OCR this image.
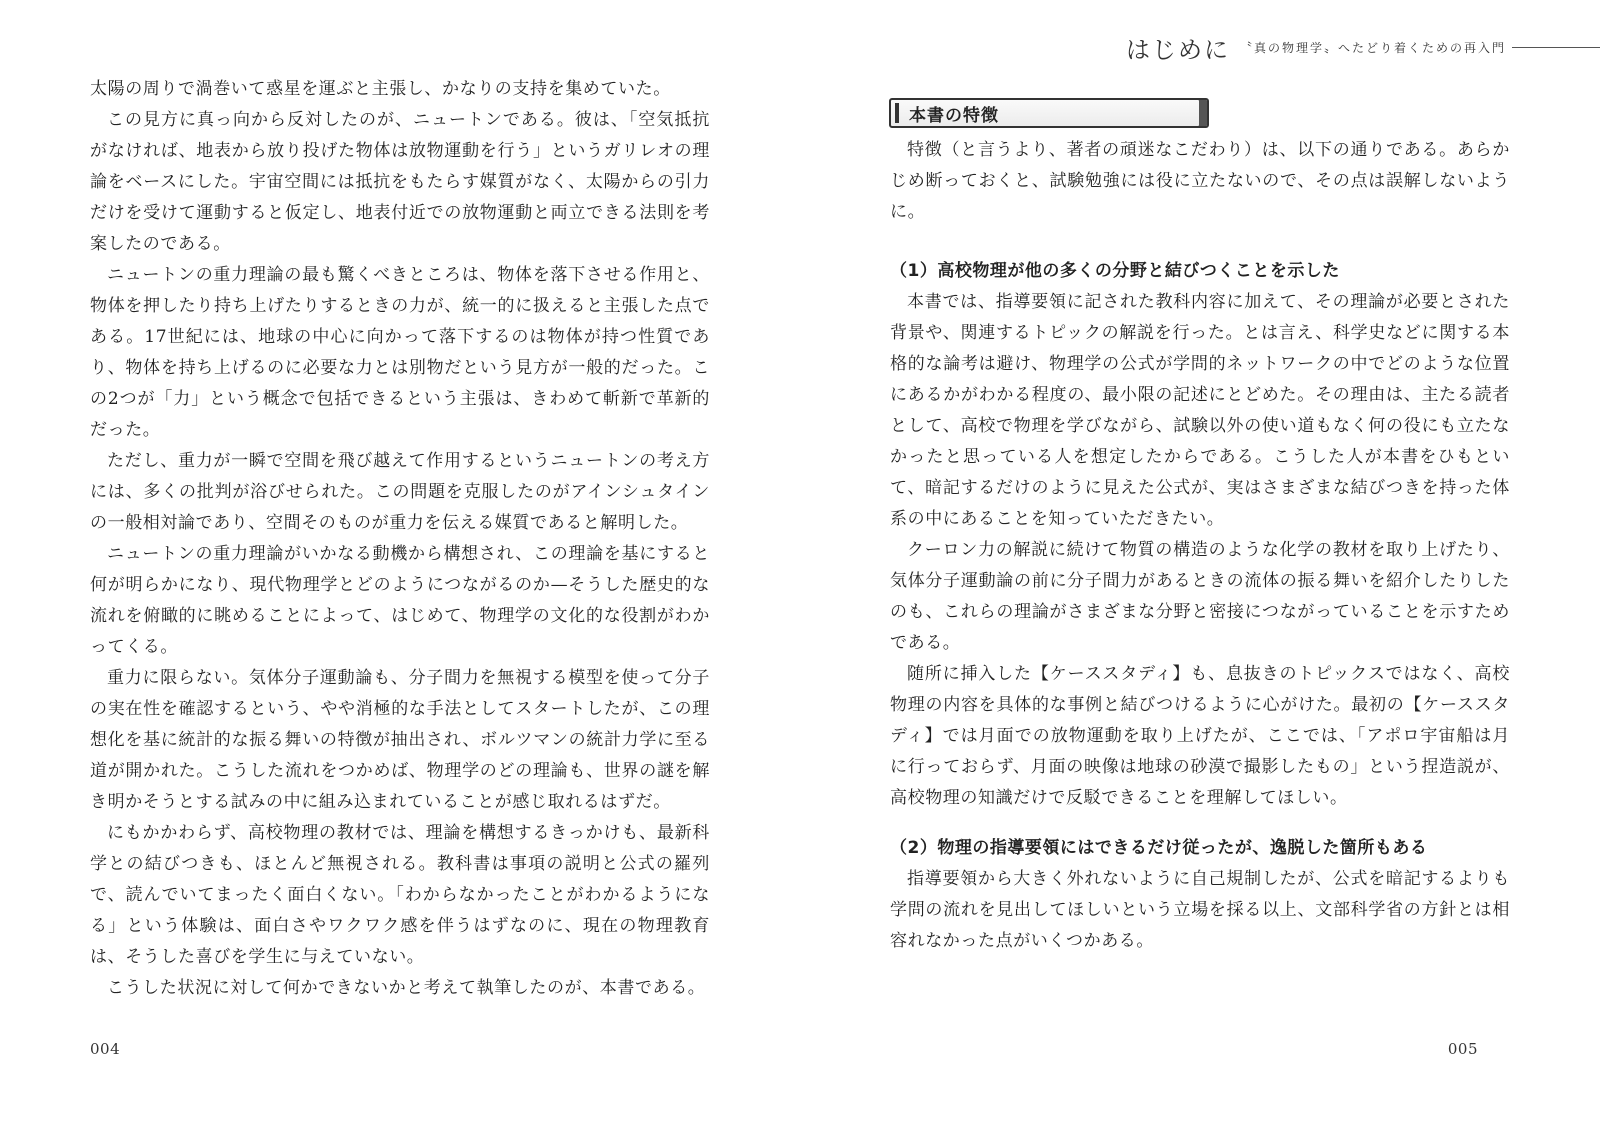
太陽の周りで渦巻いて惑星を運ぶと主張し、かなりの支持を集めていた。

この見方に真っ向から反対したのが、ニュートンである。彼は、「空気抵抗がなければ、地表から放り投げた物体は放物運動を行う」というガリレオの理論をベースにした。宇宙空間には抵抗をもたらす媒質がなく、太陽からの引力だけを受けて運動すると仮定し、地表付近での放物運動と両立できる法則を考案したのである。

ニュートンの重力理論の最も驚くべきところは、物体を落下させる作用と、物体を押したり持ち上げたりするときの力が、統一的に扱えると主張した点である。17世紀には、地球の中心に向かって落下するのは物体が持つ性質であり、物体を持ち上げるのに必要な力とは別物だという見方が一般的だった。この2つが「力」という概念で包括できるという主張は、きわめて斬新で革新的だった。

ただし、重力が一瞬で空間を飛び越えて作用するというニュートンの考え方には、多くの批判が浴びせられた。この問題を克服したのがアインシュタインの一般相対論であり、空間そのものが重力を伝える媒質であると解明した。

ニュートンの重力理論がいかなる動機から構想され、この理論を基にすると何が明らかになり、現代物理学とどのようにつながるのか—そうした歴史的な流れを俯瞰的に眺めることによって、はじめて、物理学の文化的な役割がわかってくる。

重力に限らない。気体分子運動論も、分子間力を無視する模型を使って分子の実在性を確認するという、やや消極的な手法としてスタートしたが、この理想化を基に統計的な振る舞いの特徴が抽出され、ボルツマンの統計力学に至る道が開かれた。こうした流れをつかめば、物理学のどの理論も、世界の謎を解き明かそうとする試みの中に組み込まれていることが感じ取れるはずだ。

にもかかわらず、高校物理の教材では、理論を構想するきっかけも、最新科学との結びつきも、ほとんど無視される。教科書は事項の説明と公式の羅列で、読んでいてまったく面白くない。「わからなかったことがわかるようになる」という体験は、面白さやワクワク感を伴うはずなのに、現在の物理教育は、そうした喜びを学生に与えていない。

こうした状況に対して何かできないかと考えて執筆したのが、本書である。

004
はじめに 〝真の物理学〟へたどり着くための再入門
本書の特徴

特徴（と言うより、著者の頑迷なこだわり）は、以下の通りである。あらかじめ断っておくと、試験勉強には役に立たないので、その点は誤解しないように。

（1）高校物理が他の多くの分野と結びつくことを示した

本書では、指導要領に記された教科内容に加えて、その理論が必要とされた背景や、関連するトピックの解説を行った。とは言え、科学史などに関する本格的な論考は避け、物理学の公式が学問的ネットワークの中でどのような位置にあるかがわかる程度の、最小限の記述にとどめた。その理由は、主たる読者として、高校で物理を学びながら、試験以外の使い道もなく何の役にも立たなかったと思っている人を想定したからである。こうした人が本書をひもといて、暗記するだけのように見えた公式が、実はさまざまな結びつきを持った体系の中にあることを知っていただきたい。

クーロン力の解説に続けて物質の構造のような化学の教材を取り上げたり、気体分子運動論の前に分子間力があるときの流体の振る舞いを紹介したりしたのも、これらの理論がさまざまな分野と密接につながっていることを示すためである。

随所に挿入した【ケーススタディ】も、息抜きのトピックスではなく、高校物理の内容を具体的な事例と結びつけるように心がけた。最初の【ケーススタディ】では月面での放物運動を取り上げたが、ここでは、「アポロ宇宙船は月に行っておらず、月面の映像は地球の砂漠で撮影したもの」という捏造説が、高校物理の知識だけで反駁できることを理解してほしい。

（2）物理の指導要領にはできるだけ従ったが、逸脱した箇所もある

指導要領から大きく外れないように自己規制したが、公式を暗記するよりも学問の流れを見出してほしいという立場を採る以上、文部科学省の方針とは相容れなかった点がいくつかある。

005
